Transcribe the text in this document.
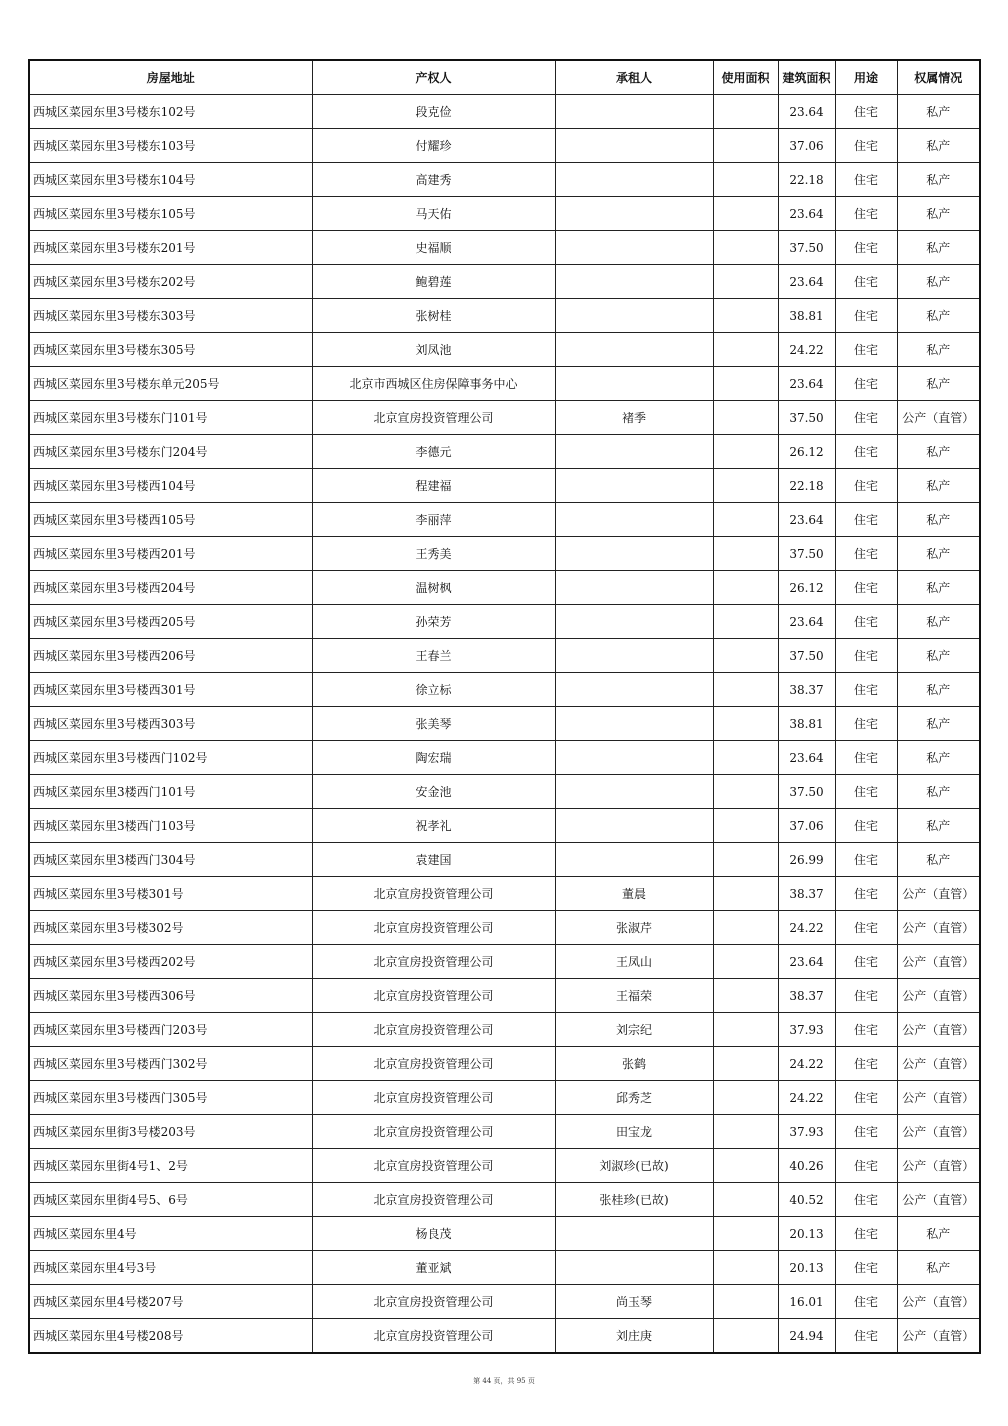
房屋地址	产权人	承租人	使用面积	建筑面积	用途	权属情况
西城区菜园东里3号楼东102号	段克俭			23.64	住宅	私产
西城区菜园东里3号楼东103号	付耀珍			37.06	住宅	私产
西城区菜园东里3号楼东104号	高建秀			22.18	住宅	私产
西城区菜园东里3号楼东105号	马天佑			23.64	住宅	私产
西城区菜园东里3号楼东201号	史福顺			37.50	住宅	私产
西城区菜园东里3号楼东202号	鲍碧莲			23.64	住宅	私产
西城区菜园东里3号楼东303号	张树桂			38.81	住宅	私产
西城区菜园东里3号楼东305号	刘凤池			24.22	住宅	私产
西城区菜园东里3号楼东单元205号	北京市西城区住房保障事务中心			23.64	住宅	私产
西城区菜园东里3号楼东门101号	北京宣房投资管理公司	褚季		37.50	住宅	公产（直管）
西城区菜园东里3号楼东门204号	李德元			26.12	住宅	私产
西城区菜园东里3号楼西104号	程建福			22.18	住宅	私产
西城区菜园东里3号楼西105号	李丽萍			23.64	住宅	私产
西城区菜园东里3号楼西201号	王秀美			37.50	住宅	私产
西城区菜园东里3号楼西204号	温树枫			26.12	住宅	私产
西城区菜园东里3号楼西205号	孙荣芳			23.64	住宅	私产
西城区菜园东里3号楼西206号	王春兰			37.50	住宅	私产
西城区菜园东里3号楼西301号	徐立标			38.37	住宅	私产
西城区菜园东里3号楼西303号	张美琴			38.81	住宅	私产
西城区菜园东里3号楼西门102号	陶宏瑞			23.64	住宅	私产
西城区菜园东里3楼西门101号	安金池			37.50	住宅	私产
西城区菜园东里3楼西门103号	祝孝礼			37.06	住宅	私产
西城区菜园东里3楼西门304号	袁建国			26.99	住宅	私产
西城区菜园东里3号楼301号	北京宣房投资管理公司	董晨		38.37	住宅	公产（直管）
西城区菜园东里3号楼302号	北京宣房投资管理公司	张淑芹		24.22	住宅	公产（直管）
西城区菜园东里3号楼西202号	北京宣房投资管理公司	王凤山		23.64	住宅	公产（直管）
西城区菜园东里3号楼西306号	北京宣房投资管理公司	王福荣		38.37	住宅	公产（直管）
西城区菜园东里3号楼西门203号	北京宣房投资管理公司	刘宗纪		37.93	住宅	公产（直管）
西城区菜园东里3号楼西门302号	北京宣房投资管理公司	张鹤		24.22	住宅	公产（直管）
西城区菜园东里3号楼西门305号	北京宣房投资管理公司	邱秀芝		24.22	住宅	公产（直管）
西城区菜园东里街3号楼203号	北京宣房投资管理公司	田宝龙		37.93	住宅	公产（直管）
西城区菜园东里街4号1、2号	北京宣房投资管理公司	刘淑珍(已故)		40.26	住宅	公产（直管）
西城区菜园东里街4号5、6号	北京宣房投资管理公司	张桂珍(已故)		40.52	住宅	公产（直管）
西城区菜园东里4号	杨良茂			20.13	住宅	私产
西城区菜园东里4号3号	董亚斌			20.13	住宅	私产
西城区菜园东里4号楼207号	北京宣房投资管理公司	尚玉琴		16.01	住宅	公产（直管）
西城区菜园东里4号楼208号	北京宣房投资管理公司	刘庄庚		24.94	住宅	公产（直管）
第 44 页，共 95 页
